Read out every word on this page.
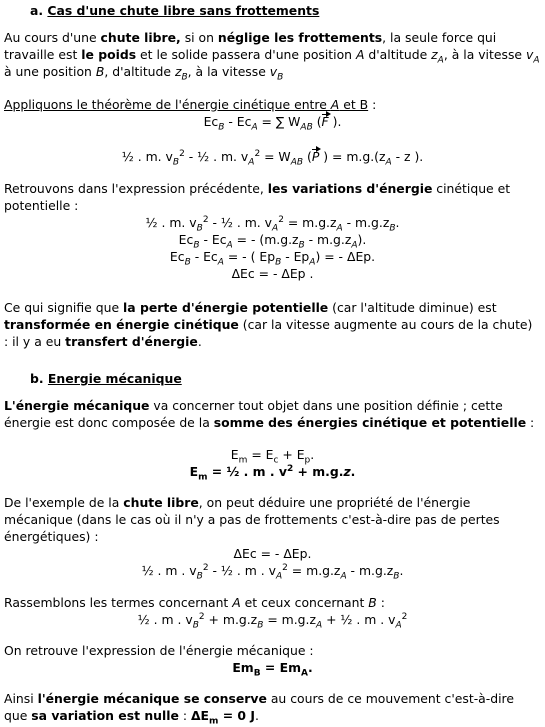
a. Cas d'une chute libre sans frottements

Au cours d'une chute libre, si on néglige les frottements, la seule force qui travaille est le poids et le solide passera d'une position A d'altitude $z_A$, à la vitesse $v_A$ à une position B, d'altitude $z_B$, à la vitesse $v_B$

Appliquons le théorème de l'énergie cinétique entre A et B :

$Ec_B - Ec_A$ = ∑ $W_{AB}$ (F ).

½ . m. $v_B^2$ - ½ . m. $v_A^2 = W_{AB}$ (P ) = $m.g.(z_A$ - z ).

Retrouvons dans l'expression précédente, les variations d'énergie cinétique et potentielle :

½ . m. $v_B^2$ - ½ . m. $v_A^2 = m.g.z_A - m.g.z_B$.

$Ec_B - Ec_A$ = - $(m.g.z_B - m.g.z_A)$.

$Ec_B - Ec_A$ = - ( $Ep_B - Ep_A$) = - ΔEp.

ΔEc = - ΔEp .

Ce qui signifie que la perte d'énergie potentielle (car l'altitude diminue) est transformée en énergie cinétique (car la vitesse augmente au cours de la chute) : il y a eu transfert d'énergie.

b. Energie mécanique

L'énergie mécanique va concerner tout objet dans une position définie ; cette énergie est donc composée de la somme des énergies cinétique et potentielle :

$E_m = E_c + E_p$.

$E_m$ = ½ . m . $v^2 + m.g.z$.

De l'exemple de la chute libre, on peut déduire une propriété de l'énergie mécanique (dans le cas où il n'y a pas de frottements c'est-à-dire pas de pertes énergétiques) :

ΔEc = - ΔEp.

½ . m . $v_B^2$ - ½ . m . $v_A^2 = m.g.z_A - m.g.z_B$.

Rassemblons les termes concernant A et ceux concernant B :

½ . m . $v_B^2 + m.g.z_B = m.g.z_A$ + ½ . m . $v_A^2$

On retrouve l'expression de l'énergie mécanique :

$Em_B = Em_A$.

Ainsi l'énergie mécanique se conserve au cours de ce mouvement c'est-à-dire que sa variation est nulle : $\Delta E_m = 0$ J.
